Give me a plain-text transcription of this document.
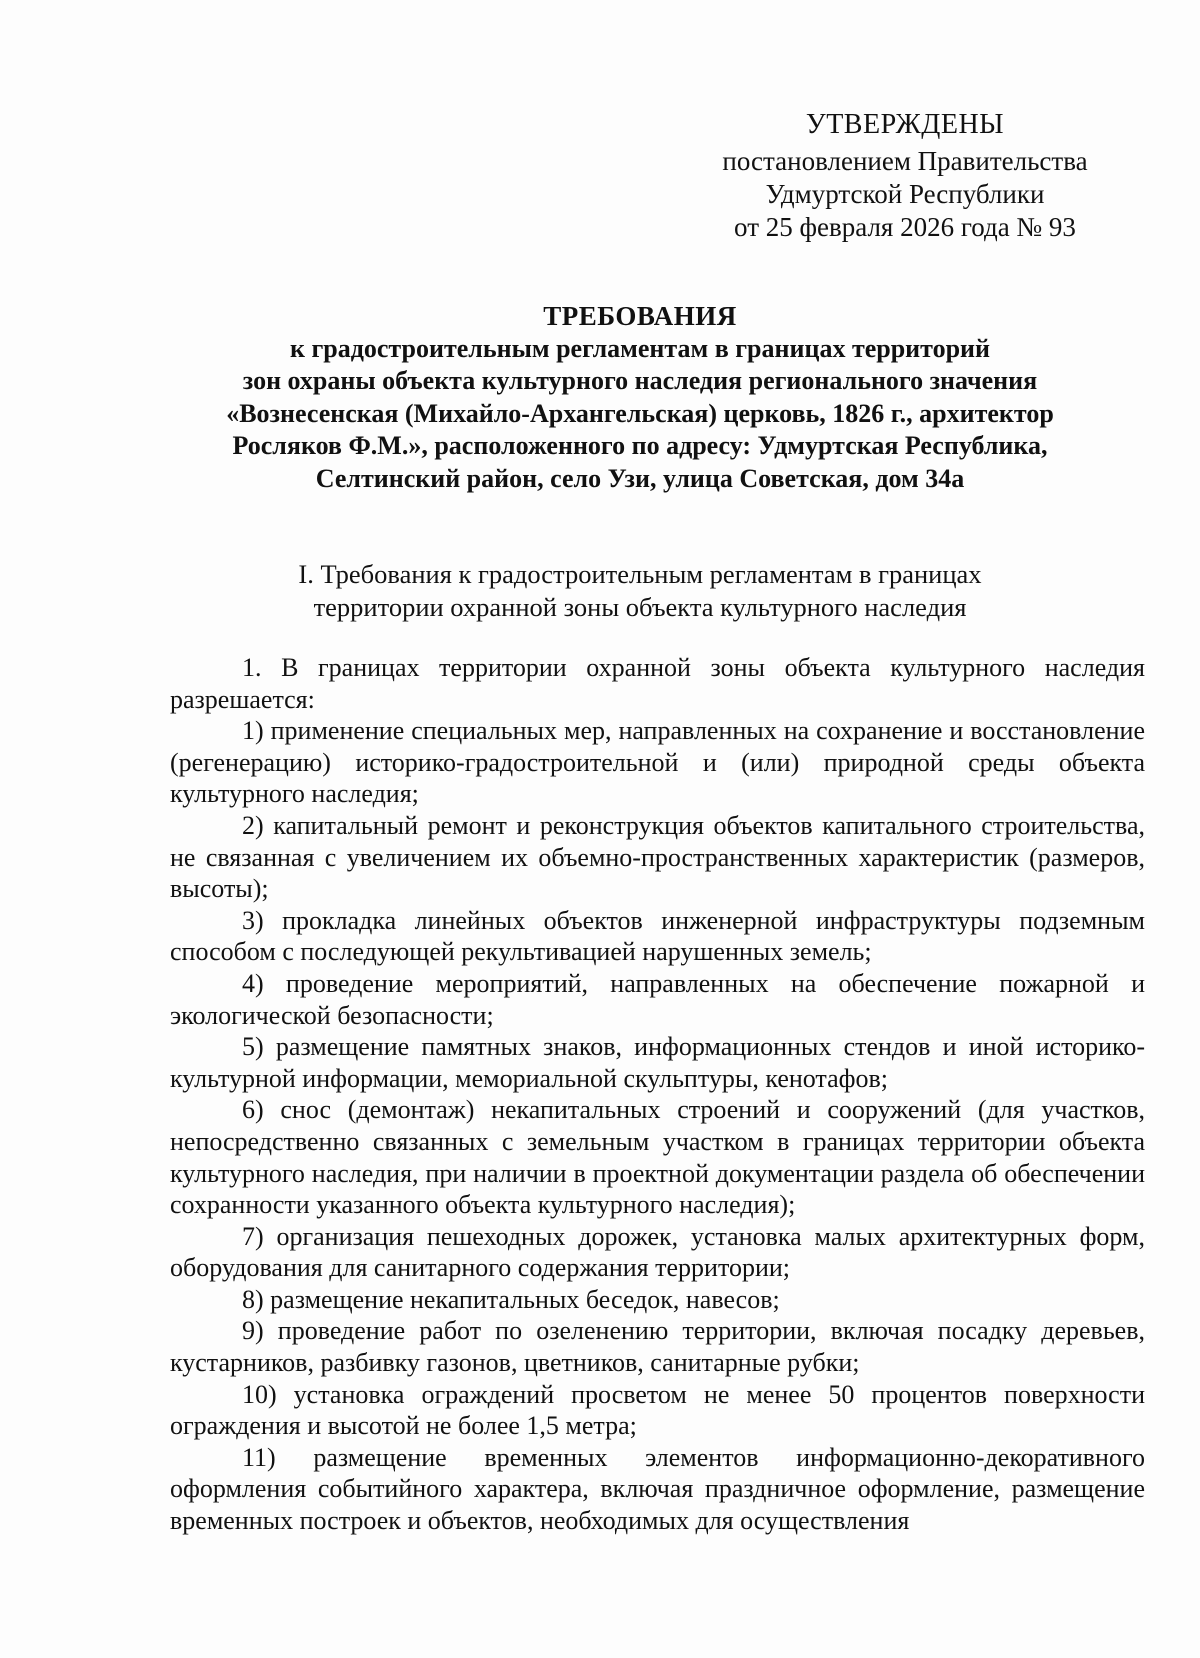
УТВЕРЖДЕНЫ
постановлением Правительства
Удмуртской Республики
от 25 февраля 2026 года № 93
ТРЕБОВАНИЯ
к градостроительным регламентам в границах территорий
зон охраны объекта культурного наследия регионального значения
«Вознесенская (Михайло-Архангельская) церковь, 1826 г., архитектор
Росляков Ф.М.», расположенного по адресу: Удмуртская Республика,
Селтинский район, село Узи, улица Советская, дом 34а
I. Требования к градостроительным регламентам в границах
территории охранной зоны объекта культурного наследия

1. В границах территории охранной зоны объекта культурного наследия разрешается:

1) применение специальных мер, направленных на сохранение и восстановление (регенерацию) историко-градостроительной и (или) природной среды объекта культурного наследия;

2) капитальный ремонт и реконструкция объектов капитального строительства, не связанная с увеличением их объемно-пространственных характеристик (размеров, высоты);

3) прокладка линейных объектов инженерной инфраструктуры подземным способом с последующей рекультивацией нарушенных земель;

4) проведение мероприятий, направленных на обеспечение пожарной и экологической безопасности;

5) размещение памятных знаков, информационных стендов и иной историко-культурной информации, мемориальной скульптуры, кенотафов;

6) снос (демонтаж) некапитальных строений и сооружений (для участков, непосредственно связанных с земельным участком в границах территории объекта культурного наследия, при наличии в проектной документации раздела об обеспечении сохранности указанного объекта культурного наследия);

7) организация пешеходных дорожек, установка малых архитектурных форм, оборудования для санитарного содержания территории;

8) размещение некапитальных беседок, навесов;

9) проведение работ по озеленению территории, включая посадку деревьев, кустарников, разбивку газонов, цветников, санитарные рубки;

10) установка ограждений просветом не менее 50 процентов поверхности ограждения и высотой не более 1,5 метра;

11) размещение временных элементов информационно-декоративного оформления событийного характера, включая праздничное оформление, размещение временных построек и объектов, необходимых для осуществления
